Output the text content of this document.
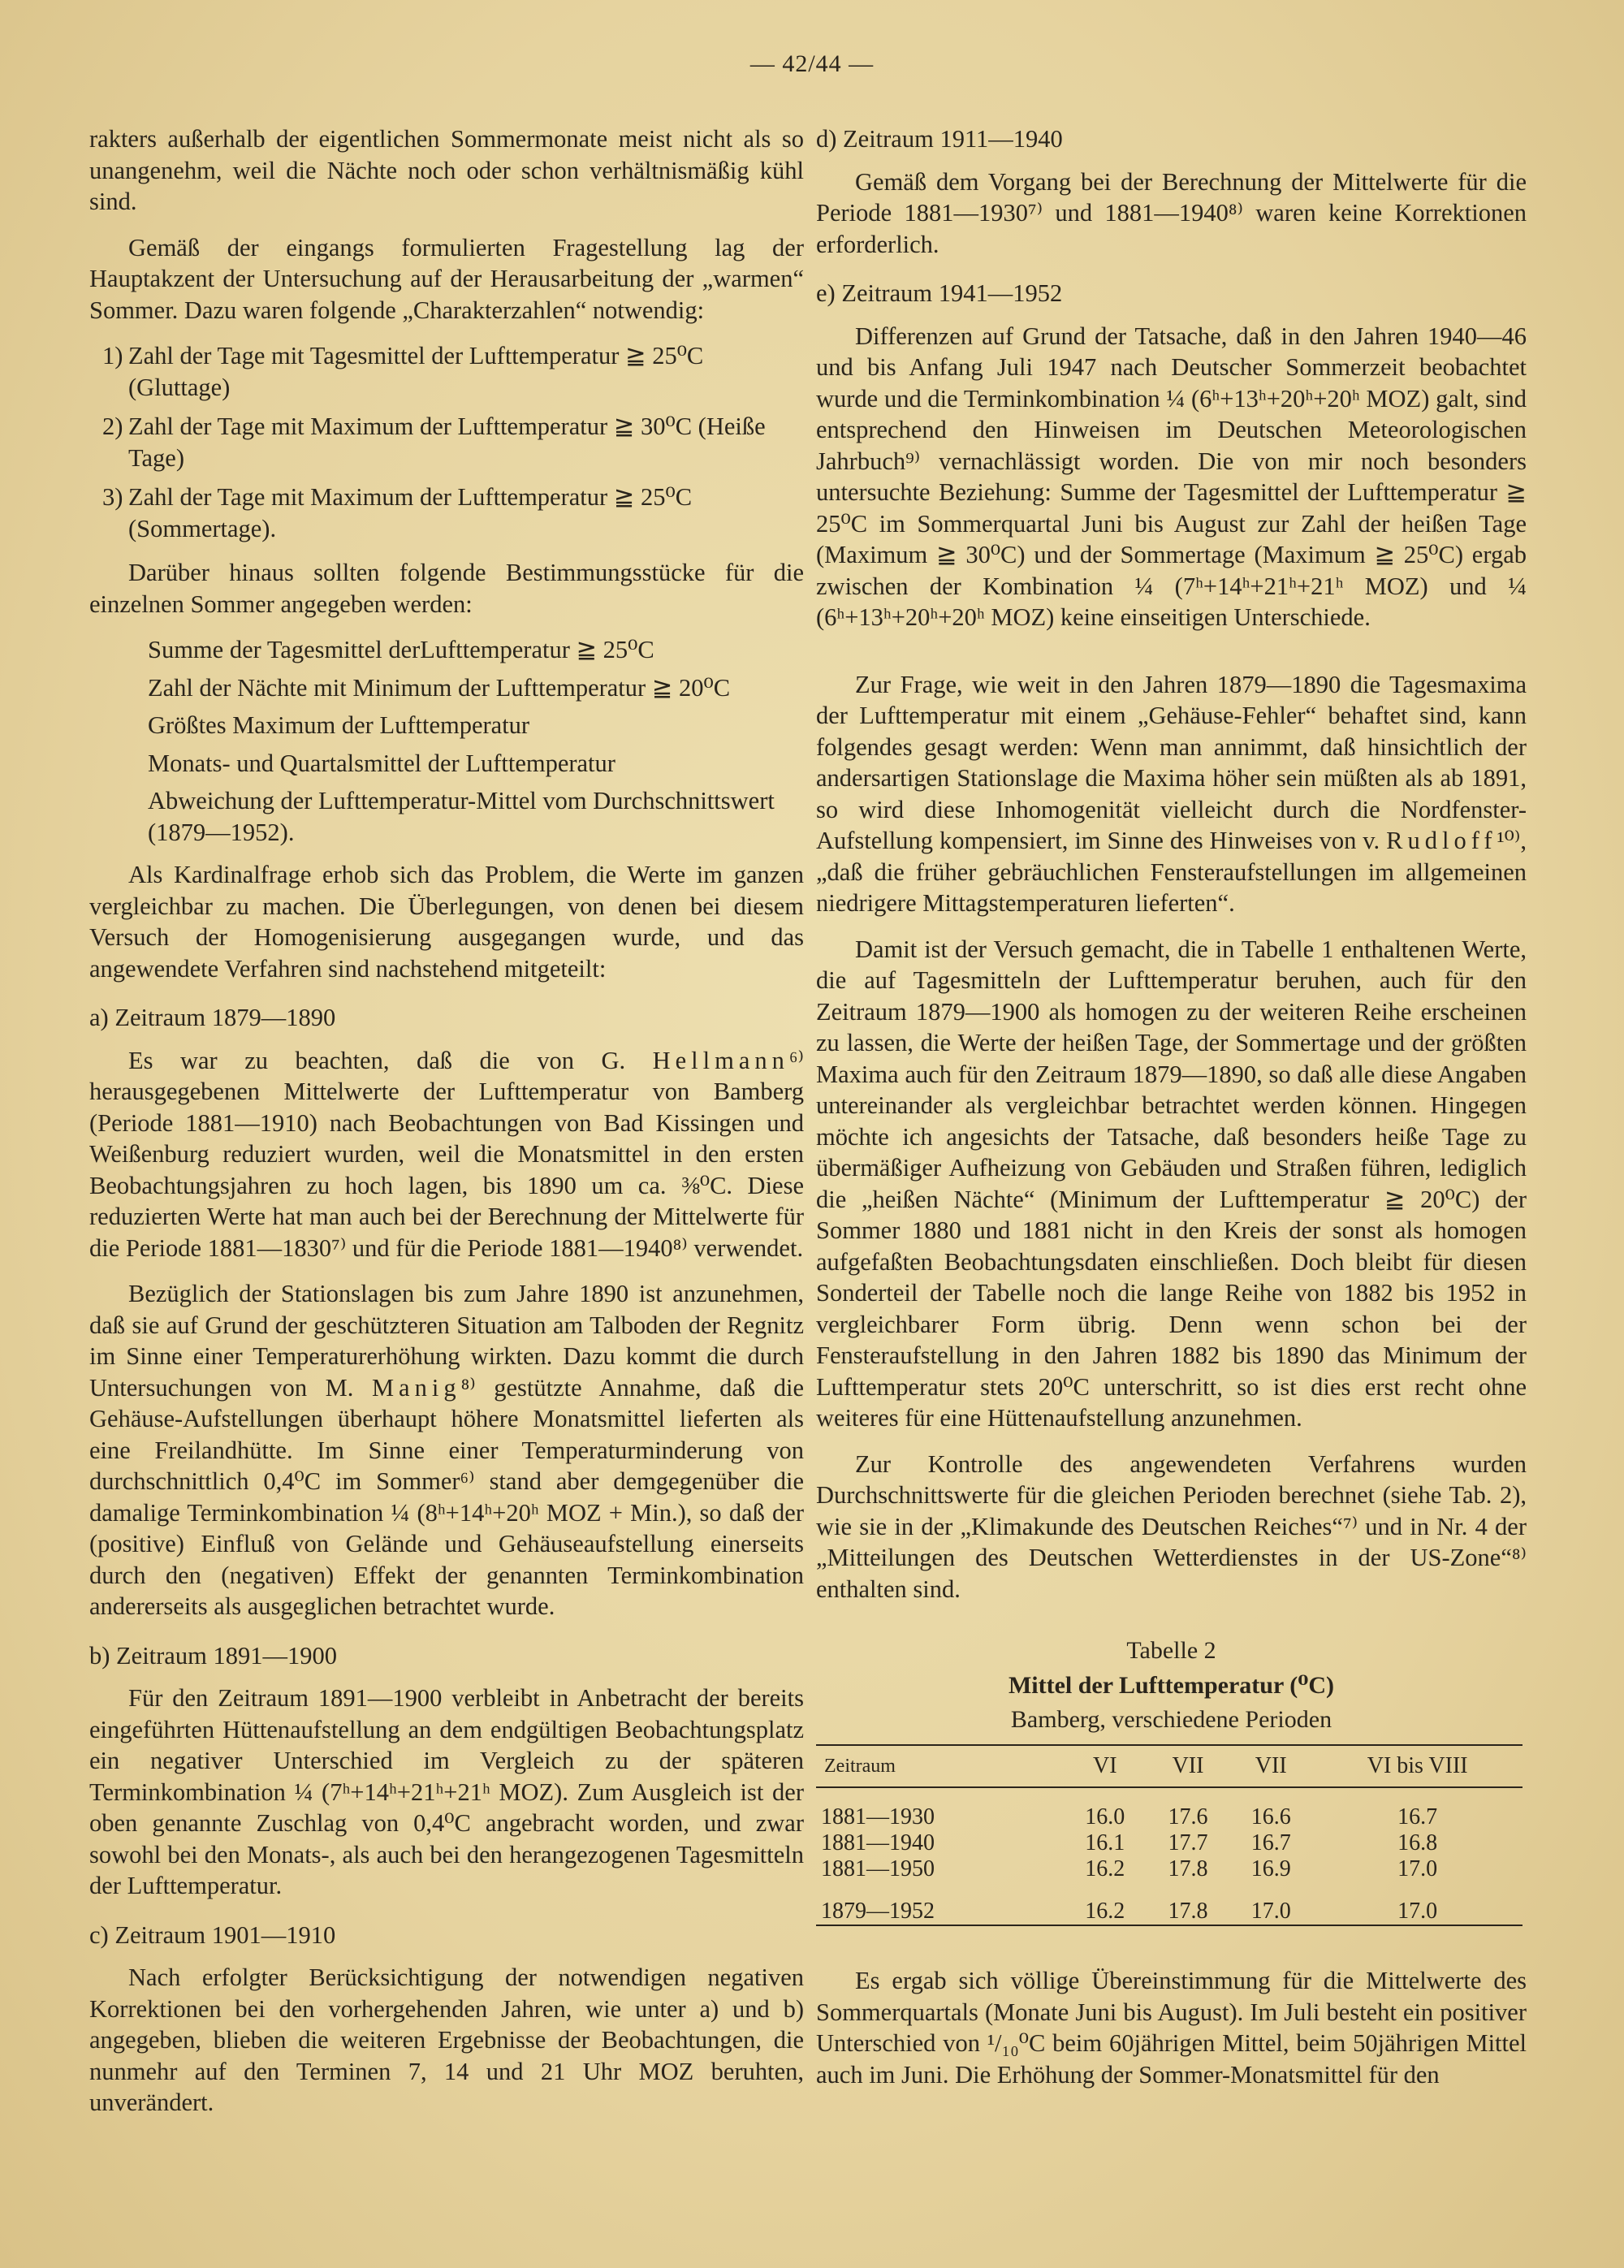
— 42/44 —

rakters außerhalb der eigentlichen Sommermonate meist nicht als so unangenehm, weil die Nächte noch oder schon verhältnismäßig kühl sind.

Gemäß der eingangs formulierten Fragestellung lag der Hauptakzent der Untersuchung auf der Herausarbeitung der „warmen“ Sommer. Dazu waren folgende „Charakterzahlen“ notwendig:

1) Zahl der Tage mit Tagesmittel der Lufttemperatur ≧ 25⁰C (Gluttage)
2) Zahl der Tage mit Maximum der Lufttemperatur ≧ 30⁰C (Heiße Tage)
3) Zahl der Tage mit Maximum der Lufttemperatur ≧ 25⁰C (Sommertage).

Darüber hinaus sollten folgende Bestimmungsstücke für die einzelnen Sommer angegeben werden:

Summe der Tagesmittel derLufttemperatur ≧ 25⁰C
Zahl der Nächte mit Minimum der Lufttemperatur ≧ 20⁰C
Größtes Maximum der Lufttemperatur
Monats- und Quartalsmittel der Lufttemperatur
Abweichung der Lufttemperatur-Mittel vom Durchschnittswert (1879—1952).

Als Kardinalfrage erhob sich das Problem, die Werte im ganzen vergleichbar zu machen. Die Überlegungen, von denen bei diesem Versuch der Homogenisierung ausgegangen wurde, und das angewendete Verfahren sind nachstehend mitgeteilt:

a) Zeitraum 1879—1890

Es war zu beachten, daß die von G. Hellmann⁶⁾ herausgegebenen Mittelwerte der Lufttemperatur von Bamberg (Periode 1881—1910) nach Beobachtungen von Bad Kissingen und Weißenburg reduziert wurden, weil die Monatsmittel in den ersten Beobachtungsjahren zu hoch lagen, bis 1890 um ca. ⅜⁰C. Diese reduzierten Werte hat man auch bei der Berechnung der Mittelwerte für die Periode 1881—1830⁷⁾ und für die Periode 1881—1940⁸⁾ verwendet.

Bezüglich der Stationslagen bis zum Jahre 1890 ist anzunehmen, daß sie auf Grund der geschützteren Situation am Talboden der Regnitz im Sinne einer Temperaturerhöhung wirkten. Dazu kommt die durch Untersuchungen von M. Manig⁸⁾ gestützte Annahme, daß die Gehäuse-Aufstellungen überhaupt höhere Monatsmittel lieferten als eine Freilandhütte. Im Sinne einer Temperaturminderung von durchschnittlich 0,4⁰C im Sommer⁶⁾ stand aber demgegenüber die damalige Terminkombination ¼ (8ʰ+14ʰ+20ʰ MOZ + Min.), so daß der (positive) Einfluß von Gelände und Gehäuseaufstellung einerseits durch den (negativen) Effekt der genannten Terminkombination andererseits als ausgeglichen betrachtet wurde.

b) Zeitraum 1891—1900

Für den Zeitraum 1891—1900 verbleibt in Anbetracht der bereits eingeführten Hüttenaufstellung an dem endgültigen Beobachtungsplatz ein negativer Unterschied im Vergleich zu der späteren Terminkombination ¼ (7ʰ+14ʰ+21ʰ+21ʰ MOZ). Zum Ausgleich ist der oben genannte Zuschlag von 0,4⁰C angebracht worden, und zwar sowohl bei den Monats-, als auch bei den herangezogenen Tagesmitteln der Lufttemperatur.

c) Zeitraum 1901—1910

Nach erfolgter Berücksichtigung der notwendigen negativen Korrektionen bei den vorhergehenden Jahren, wie unter a) und b) angegeben, blieben die weiteren Ergebnisse der Beobachtungen, die nunmehr auf den Terminen 7, 14 und 21 Uhr MOZ beruhten, unverändert.

d) Zeitraum 1911—1940

Gemäß dem Vorgang bei der Berechnung der Mittelwerte für die Periode 1881—1930⁷⁾ und 1881—1940⁸⁾ waren keine Korrektionen erforderlich.

e) Zeitraum 1941—1952

Differenzen auf Grund der Tatsache, daß in den Jahren 1940—46 und bis Anfang Juli 1947 nach Deutscher Sommerzeit beobachtet wurde und die Terminkombination ¼ (6ʰ+13ʰ+20ʰ+20ʰ MOZ) galt, sind entsprechend den Hinweisen im Deutschen Meteorologischen Jahrbuch⁹⁾ vernachlässigt worden. Die von mir noch besonders untersuchte Beziehung: Summe der Tagesmittel der Lufttemperatur ≧ 25⁰C im Sommerquartal Juni bis August zur Zahl der heißen Tage (Maximum ≧ 30⁰C) und der Sommertage (Maximum ≧ 25⁰C) ergab zwischen der Kombination ¼ (7ʰ+14ʰ+21ʰ+21ʰ MOZ) und ¼ (6ʰ+13ʰ+20ʰ+20ʰ MOZ) keine einseitigen Unterschiede.

Zur Frage, wie weit in den Jahren 1879—1890 die Tagesmaxima der Lufttemperatur mit einem „Gehäuse-Fehler“ behaftet sind, kann folgendes gesagt werden: Wenn man annimmt, daß hinsichtlich der andersartigen Stationslage die Maxima höher sein müßten als ab 1891, so wird diese Inhomogenität vielleicht durch die Nordfenster-Aufstellung kompensiert, im Sinne des Hinweises von v. Rudloff¹⁰⁾, „daß die früher gebräuchlichen Fensteraufstellungen im allgemeinen niedrigere Mittagstemperaturen lieferten“.

Damit ist der Versuch gemacht, die in Tabelle 1 enthaltenen Werte, die auf Tagesmitteln der Lufttemperatur beruhen, auch für den Zeitraum 1879—1900 als homogen zu der weiteren Reihe erscheinen zu lassen, die Werte der heißen Tage, der Sommertage und der größten Maxima auch für den Zeitraum 1879—1890, so daß alle diese Angaben untereinander als vergleichbar betrachtet werden können. Hingegen möchte ich angesichts der Tatsache, daß besonders heiße Tage zu übermäßiger Aufheizung von Gebäuden und Straßen führen, lediglich die „heißen Nächte“ (Minimum der Lufttemperatur ≧ 20⁰C) der Sommer 1880 und 1881 nicht in den Kreis der sonst als homogen aufgefaßten Beobachtungsdaten einschließen. Doch bleibt für diesen Sonderteil der Tabelle noch die lange Reihe von 1882 bis 1952 in vergleichbarer Form übrig. Denn wenn schon bei der Fensteraufstellung in den Jahren 1882 bis 1890 das Minimum der Lufttemperatur stets 20⁰C unterschritt, so ist dies erst recht ohne weiteres für eine Hüttenaufstellung anzunehmen.

Zur Kontrolle des angewendeten Verfahrens wurden Durchschnittswerte für die gleichen Perioden berechnet (siehe Tab. 2), wie sie in der „Klimakunde des Deutschen Reiches“⁷⁾ und in Nr. 4 der „Mitteilungen des Deutschen Wetterdienstes in der US-Zone“⁸⁾ enthalten sind.

Tabelle 2
Mittel der Lufttemperatur (⁰C)
Bamberg, verschiedene Perioden
Zeitraum	VI	VII	VII	VI bis VIII
1881—1930	16.0	17.6	16.6	16.7
1881—1940	16.1	17.7	16.7	16.8
1881—1950	16.2	17.8	16.9	17.0
1879—1952	16.2	17.8	17.0	17.0

Es ergab sich völlige Übereinstimmung für die Mittelwerte des Sommerquartals (Monate Juni bis August). Im Juli besteht ein positiver Unterschied von ¹/₁₀⁰C beim 60jährigen Mittel, beim 50jährigen Mittel auch im Juni. Die Erhöhung der Sommer-Monatsmittel für den
